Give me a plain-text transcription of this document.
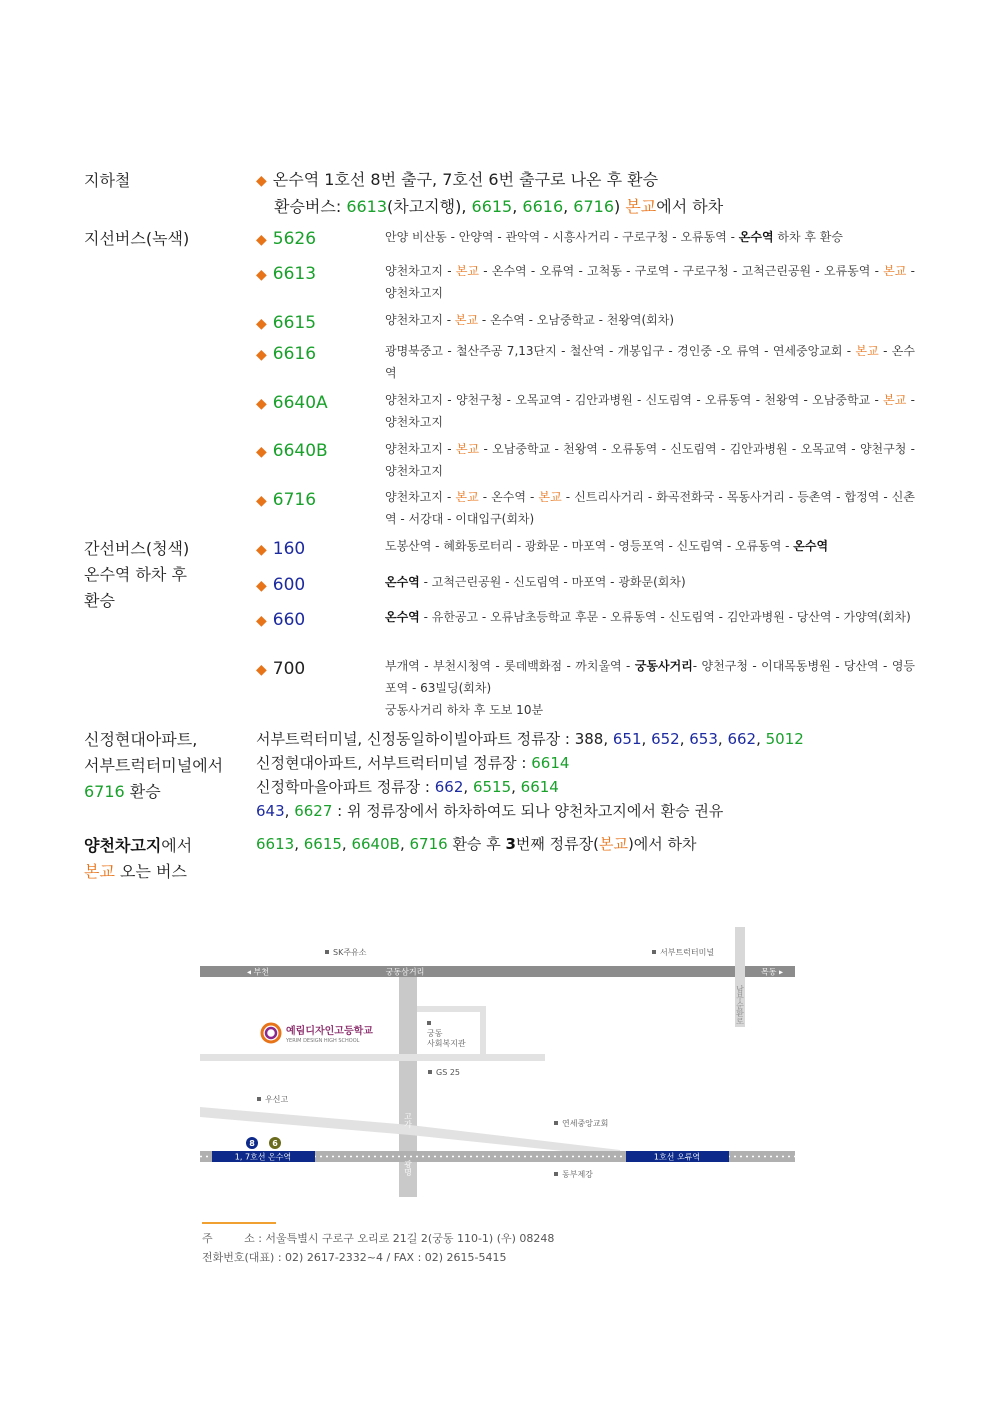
지하철	◆ 온수역 1호선 8번 출구, 7호선 6번 출구로 나온 후 환승
환승버스: 6613(차고지행), 6615, 6616, 6716) 본교에서 하차
지선버스(녹색)	◆ 5626	안양 비산동 - 안양역 - 관악역 - 시흥사거리 - 구로구청 - 오류동역 - 온수역 하차 후 환승
◆ 6613	양천차고지 - 본교 - 온수역 - 오류역 - 고척동 - 구로역 - 구로구청 - 고척근린공원 - 오류동역 - 본교 - 양천차고지
◆ 6615	양천차고지 - 본교 - 온수역 - 오남중학교 - 천왕역(회차)
◆ 6616	광명북중고 - 철산주공 7,13단지 - 철산역 - 개봉입구 - 경인중 -오 류역 - 연세중앙교회 - 본교 - 온수역
◆ 6640A	양천차고지 - 양천구청 - 오목교역 - 김안과병원 - 신도림역 - 오류동역 - 천왕역 - 오남중학교 - 본교 - 양천차고지
◆ 6640B	양천차고지 - 본교 - 오남중학교 - 천왕역 - 오류동역 - 신도림역 - 김안과병원 - 오목교역 - 양천구청 - 양천차고지
◆ 6716	양천차고지 - 본교 - 온수역 - 본교 - 신트리사거리 - 화곡전화국 - 목동사거리 - 등촌역 - 합정역 - 신촌역 - 서강대 - 이대입구(회차)
간선버스(청색)
온수역 하차 후
환승
◆ 160	도봉산역 - 혜화동로터리 - 광화문 - 마포역 - 영등포역 - 신도림역 - 오류동역 - 온수역
◆ 600	온수역 - 고척근린공원 - 신도림역 - 마포역 - 광화문(회차)
◆ 660	온수역 - 유한공고 - 오류남초등학교 후문 - 오류동역 - 신도림역 - 김안과병원 - 당산역 - 가양역(회차)
◆ 700	부개역 - 부천시청역 - 롯데백화점 - 까치울역 - 궁동사거리- 양천구청 - 이대목동병원 - 당산역 - 영등포역 - 63빌딩(회차)
궁동사거리 하차 후 도보 10분
신정현대아파트,
서부트럭터미널에서
6716 환승
서부트럭터미널, 신정동일하이빌아파트 정류장 : 388, 651, 652, 653, 662, 5012
신정현대아파트, 서부트럭터미널 정류장 : 6614
신정학마을아파트 정류장 : 662, 6515, 6614
643, 6627 : 위 정류장에서 하차하여도 되나 양천차고지에서 환승 권유
양천차고지에서
본교 오는 버스
6613, 6615, 6640B, 6716 환승 후 3번째 정류장(본교)에서 하차
1, 7호선 온수역	1호선 오류역
8 6
◂ 부천	궁동삼거리	목동 ▸
남부순환로
고가
광명
SK주유소	서부트럭터미널
궁동
사회복지관
GS 25
우신고
연세중앙교회
동부제강
예림디자인고등학교
YERIM DESIGN HIGH SCHOOL
주         소 : 서울특별시 구로구 오리로 21길 2(궁동 110-1) (우) 08248
전화번호(대표) : 02) 2617-2332~4 / FAX : 02) 2615-5415
